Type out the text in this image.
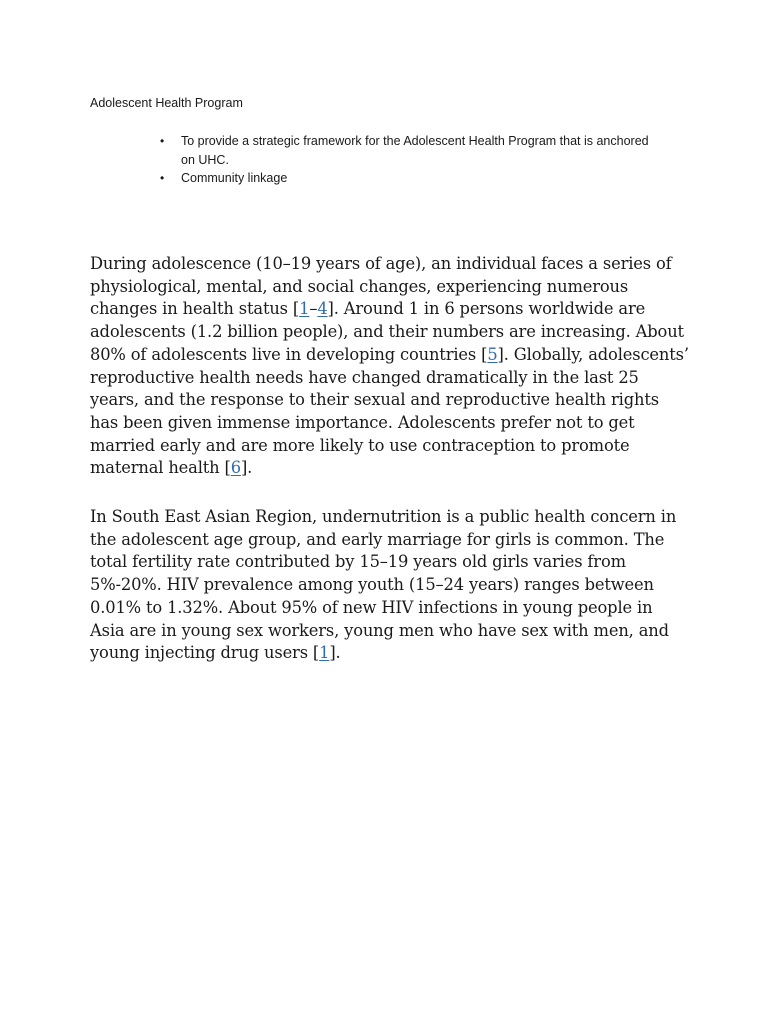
Adolescent Health Program
•	To provide a strategic framework for the Adolescent Health Program that is anchored on UHC.
•	Community linkage

During adolescence (10–19 years of age), an individual faces a series of physiological, mental, and social changes, experiencing numerous changes in health status [1–4]. Around 1 in 6 persons worldwide are adolescents (1.2 billion people), and their numbers are increasing. About 80% of adolescents live in developing countries [5]. Globally, adolescents’ reproductive health needs have changed dramatically in the last 25 years, and the response to their sexual and reproductive health rights has been given immense importance. Adolescents prefer not to get married early and are more likely to use contraception to promote maternal health [6].

In South East Asian Region, undernutrition is a public health concern in the adolescent age group, and early marriage for girls is common. The total fertility rate contributed by 15–19 years old girls varies from 5%-20%. HIV prevalence among youth (15–24 years) ranges between 0.01% to 1.32%. About 95% of new HIV infections in young people in Asia are in young sex workers, young men who have sex with men, and young injecting drug users [1].
